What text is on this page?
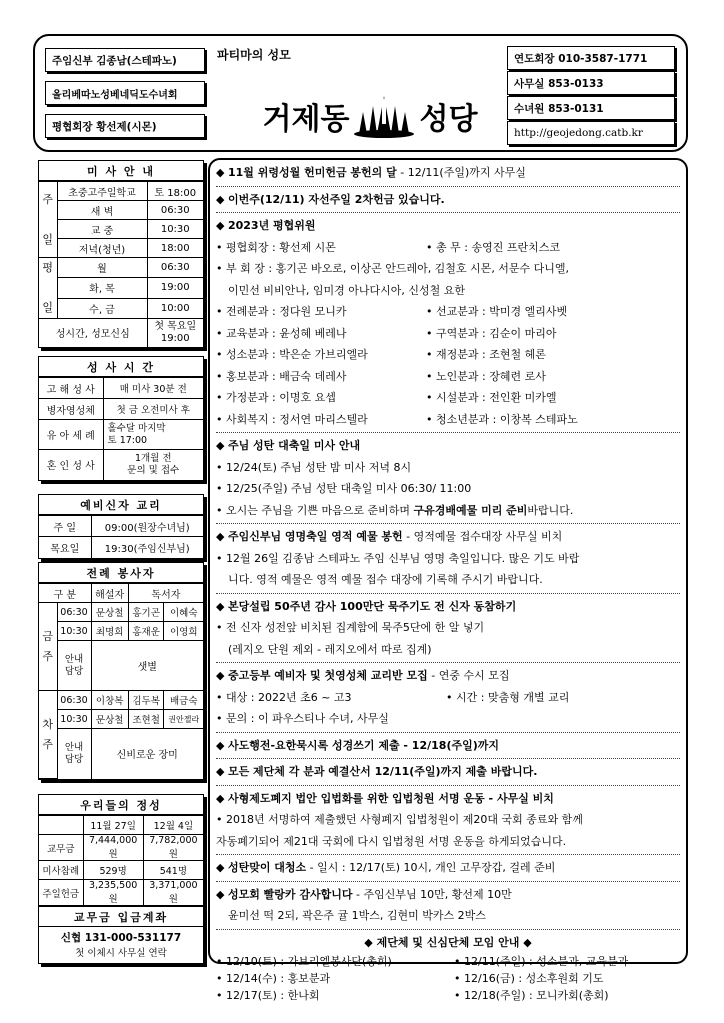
주임신부 김종남(스테파노)
올리베따노성베네딕도수녀회
평협회장 황선제(시몬)
파티마의 성모
거제동 성당
연도회장 010-3587-1771
사무실 853-0133
수녀원 853-0131
http://geojedong.catb.kr
미 사 안 내
주

일	초중고주일학교	토 18:00
	새 벽	06:30
	교 중	10:30
	저녁(청년)	18:00
평

일	월	06:30
	화, 목	19:00
	수, 금	10:00
성시간, 성모신심		첫 목요일
19:00
성 사 시 간
고 해 성 사	매 미사 30분 전
병자영성체	첫 금 오전미사 후
유 아 세 례	홀수달 마지막
토 17:00
혼 인 성 사	1개월 전
문의 및 접수
예비신자 교리
주 일	09:00(원장수녀님)
목요일	19:30(주임신부님)
전례 봉사자
구 분		해설자	독서자	
금
주	06:30	문상철	홍기곤	이혜숙
	10:30	최명희	홍재운	이영희
	안내
담당	샛별		
차
주	06:30	이창복	김두복	배금숙
	10:30	문상철	조현철	권안젤라
	안내
담당	신비로운 장미		
우리들의 정성
	11월 27일	12월 4일
교무금	7,444,000원	7,782,000원
미사참례	529명	541명
주일헌금	3,235,500원	3,371,000원
교무금 입금계좌
신협 131-000-531177
첫 이체시 사무실 연락
◆ 11월 위령성월 헌미헌금 봉헌의 달 - 12/11(주일)까지 사무실
◆ 이번주(12/11) 자선주일 2차헌금 있습니다.
◆ 2023년 평협위원
• 평협회장 : 황선제 시몬	• 총 무 : 송영진 프란치스코
• 부 회 장 : 홍기곤 바오로, 이상곤 안드레아, 김철호 시몬, 서문수 다니엘,
이민선 비비안나, 임미경 아나다시아, 신성철 요한
• 전례분과 : 정다원 모니카	• 선교분과 : 박미경 엘리사벳
• 교육분과 : 윤성혜 베레나	• 구역분과 : 김순이 마리아
• 성소분과 : 박은순 가브리엘라	• 재정분과 : 조현철 헤론
• 홍보분과 : 배금숙 데레사	• 노인분과 : 장혜련 로사
• 가정분과 : 이명호 요셉	• 시설분과 : 전인환 미카엘
• 사회복지 : 정서연 마리스텔라	• 청소년분과 : 이창복 스테파노
◆ 주님 성탄 대축일 미사 안내
• 12/24(토) 주님 성탄 밤 미사 저녁 8시
• 12/25(주일) 주님 성탄 대축일 미사 06:30/ 11:00
• 오시는 주님을 기쁜 마음으로 준비하며 구유경배예물 미리 준비바랍니다.
◆ 주임신부님 영명축일 영적 예물 봉헌 - 영적예물 접수대장 사무실 비치
• 12월 26일 김종남 스테파노 주임 신부님 영명 축일입니다. 많은 기도 바랍
니다. 영적 예물은 영적 예물 접수 대장에 기록해 주시기 바랍니다.
◆ 본당설립 50주년 감사 100만단 묵주기도 전 신자 동참하기
• 전 신자 성전앞 비치된 집계함에 묵주5단에 한 알 넣기
(레지오 단원 제외 - 레지오에서 따로 집계)
◆ 중고등부 예비자 및 첫영성체 교리반 모집 - 연중 수시 모집
• 대상 : 2022년 초6 ~ 고3	• 시간 : 맞춤형 개별 교리
• 문의 : 이 파우스티나 수녀, 사무실
◆ 사도행전-요한묵시록 성경쓰기 제출 - 12/18(주일)까지
◆ 모든 제단체 각 분과 예결산서 12/11(주일)까지 제출 바랍니다.
◆ 사형제도폐지 법안 입법화를 위한 입법청원 서명 운동 - 사무실 비치
• 2018년 서명하여 제출했던 사형폐지 입법청원이 제20대 국회 종료와 함께
자동폐기되어 제21대 국회에 다시 입법청원 서명 운동을 하게되었습니다.
◆ 성탄맞이 대청소 - 일시 : 12/17(토) 10시, 개인 고무장갑, 걸레 준비
◆ 성모회 빨랑카 감사합니다 - 주임신부님 10만, 황선제 10만
윤미선 떡 2되, 곽은주 귤 1박스, 김현미 박카스 2박스
◆ 제단체 및 신심단체 모임 안내 ◆
• 12/10(토) : 가브리엘봉사단(총회)	• 12/11(주일) : 성소분과, 교육분과
• 12/14(수) : 홍보분과	• 12/16(금) : 성소후원회 기도
• 12/17(토) : 한나회	• 12/18(주일) : 모니카회(총회)
